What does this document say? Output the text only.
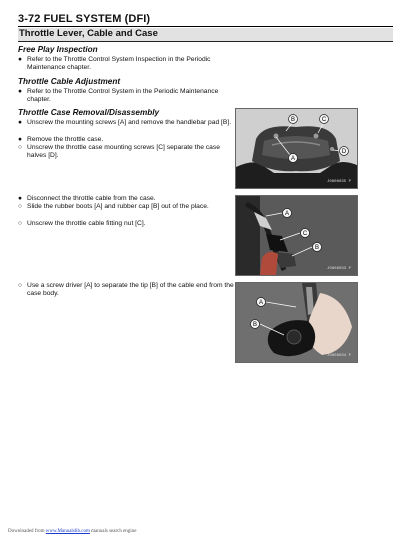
3-72 FUEL SYSTEM (DFI)
Throttle Lever, Cable and Case
Free Play Inspection
● Refer to the Throttle Control System Inspection in the Periodic Maintenance chapter.
Throttle Cable Adjustment
● Refer to the Throttle Control System in the Periodic Maintenance chapter.
Throttle Case Removal/Disassembly
● Unscrew the mounting screws [A] and remove the handlebar pad [B].
● Remove the throttle case.
○ Unscrew the throttle case mounting screws [C] separate the case halves [D].
● Disconnect the throttle cable from the case.
○ Slide the rubber boots [A] and rubber cap [B] out of the place.
○ Unscrew the throttle cable fitting nut [C].
○ Use a screw driver [A] to separate the tip [B] of the cable end from the case body.
B	C
A
D
J0806035 P
A
C
B
J0806033 P
A
B
J0806034 P
Downloaded from www.Manualslib.com manuals search engine
